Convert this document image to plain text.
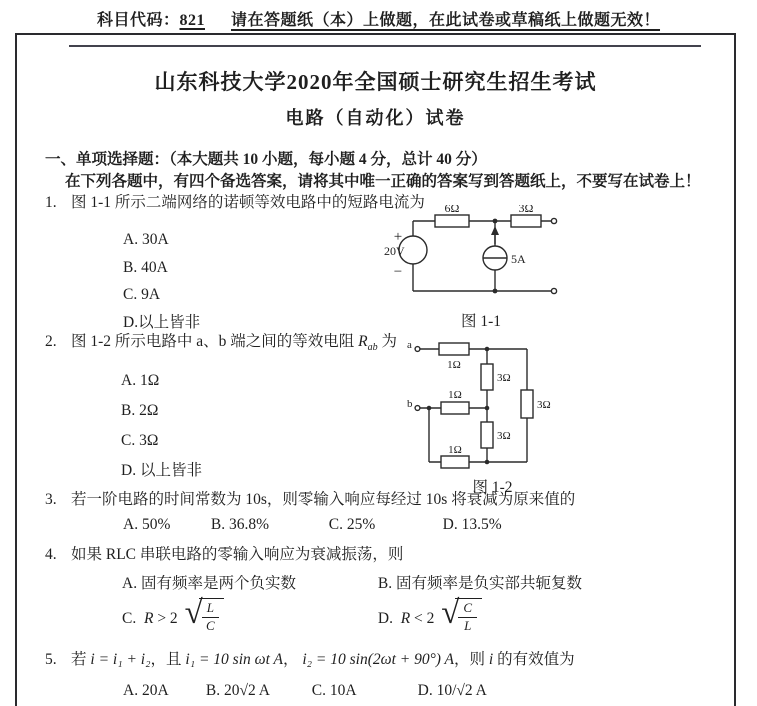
科目代码：821 请在答题纸（本）上做题，在此试卷或草稿纸上做题无效！
山东科技大学2020年全国硕士研究生招生考试
电路（自动化）试卷
一、单项选择题：（本大题共 10 小题，每小题 4 分，总计 40 分）
在下列各题中，有四个备选答案，请将其中唯一正确的答案写到答题纸上，不要写在试卷上！
1. 图 1-1 所示二端网络的诺顿等效电路中的短路电流为
A. 30A
B. 40A
C. 9A
D.以上皆非
6Ω	3Ω
+
−
20V
5A
图 1-1
2. 图 1-2 所示电路中 a、b 端之间的等效电阻 $R_{ab}$ 为
A. 1Ω
B. 2Ω
C. 3Ω
D. 以上皆非
a
b
1Ω
1Ω
1Ω
3Ω
3Ω
3Ω
图 1-2
3. 若一阶电路的时间常数为 10s，则零输入响应每经过 10s 将衰减为原来值的
A. 50%	B. 36.8%	C. 25%	D. 13.5%
4. 如果 RLC 串联电路的零输入响应为衰减振荡，则
A. 固有频率是两个负实数	B. 固有频率是负实部共轭复数
C. R > 2 √ L
C	D. R < 2 √ C
L
5. 若 i = i₁ + i₂，且 i₁ = 10 sin ωt A， i₂ = 10 sin(2ωt + 90°) A，则 i 的有效值为
A. 20A B. 20√2 A	C. 10A	D. 10/√2 A
